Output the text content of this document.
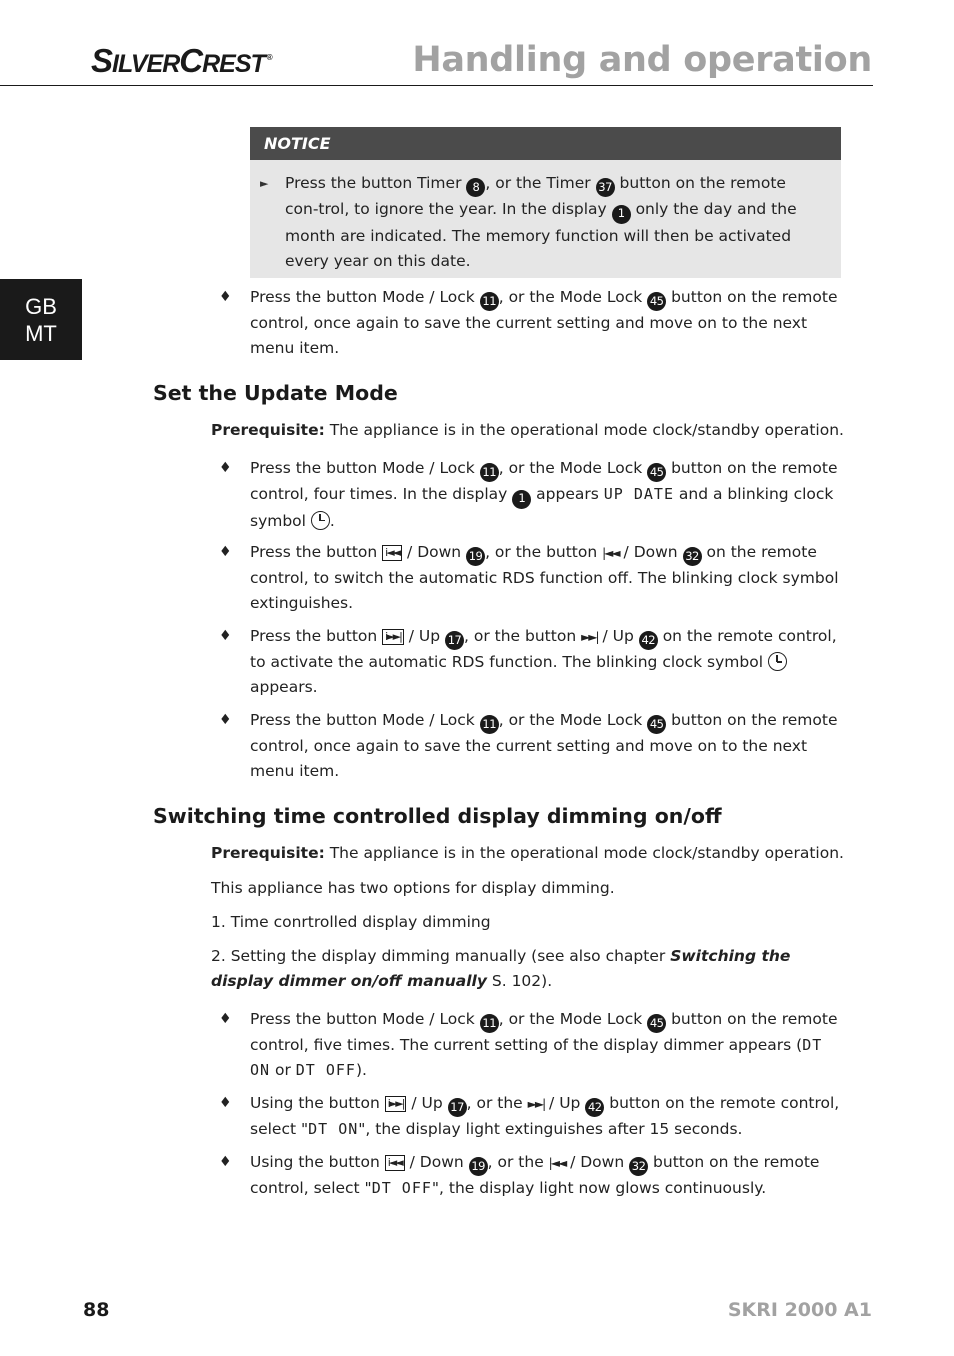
SILVERCREST ®	Handling and operation
GB
MT
NOTICE
► Press the button Timer 8 , or the Timer 37 button on the remote con-trol, to ignore the year. In the display 1 only the day and the month are indicated. The memory function will then be activated every year on this date.
♦ Press the button Mode / Lock 11 , or the Mode Lock 45 button on the remote control, once again to save the current setting and move on to the next menu item.
Set the Update Mode
Prerequisite: The appliance is in the operational mode clock/standby operation.
♦ Press the button Mode / Lock 11 , or the Mode Lock 45 button on the remote control, four times. In the display 1 appears UP DATE and a blinking clock symbol .
♦ Press the button i◄◄ / Down 19 , or the button |◄◄ / Down 32 on the remote control, to switch the automatic RDS function off. The blinking clock symbol extinguishes.
♦ Press the button i►►| / Up 17 , or the button ►►| / Up 42 on the remote control, to activate the automatic RDS function. The blinking clock symbol  appears.
♦ Press the button Mode / Lock 11 , or the Mode Lock 45 button on the remote control, once again to save the current setting and move on to the next menu item.
Switching time controlled display dimming on/off
Prerequisite: The appliance is in the operational mode clock/standby operation.
This appliance has two options for display dimming.
1. Time conrtrolled display dimming
2. Setting the display dimming manually (see also chapter Switching the display dimmer on/off manually S. 102).
♦ Press the button Mode / Lock 11 , or the Mode Lock 45 button on the remote control, five times. The current setting of the display dimmer appears (DT ON or DT OFF).
♦ Using the button i►►| / Up 17 , or the ►►| / Up 42 button on the remote control, select "DT ON", the display light extinguishes after 15 seconds.
♦ Using the button i◄◄ / Down 19 , or the |◄◄ / Down 32 button on the remote control, select "DT OFF", the display light now glows continuously.
88	SKRI 2000 A1
